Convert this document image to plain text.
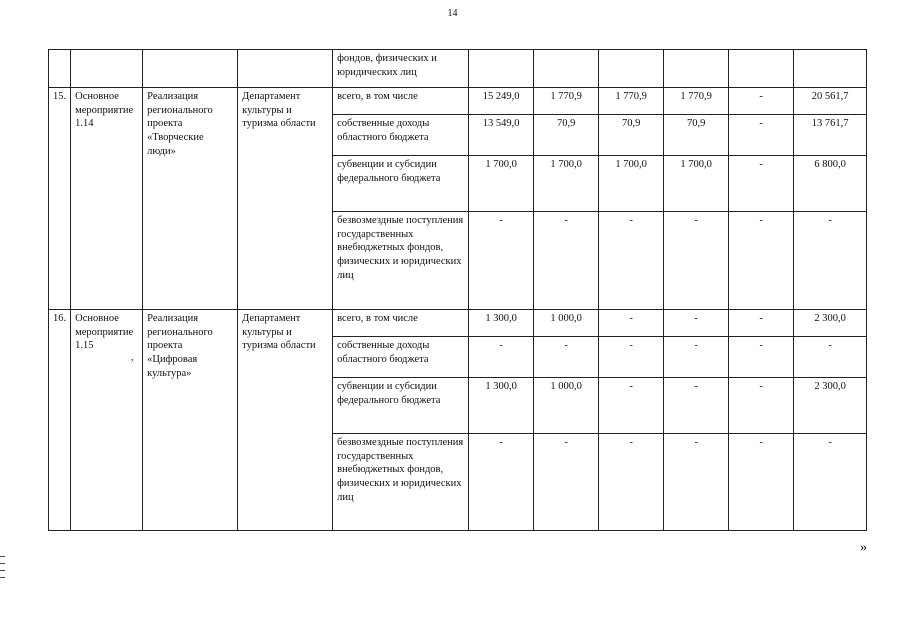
14
				фондов, физических и юридических лиц						
15.	Основное мероприятие 1.14	Реализация регионального проекта «Творческие люди»	Департамент культуры и туризма области	всего, в том числе	15 249,0	1 770,9	1 770,9	1 770,9	-	20 561,7
				собственные доходы областного бюджета	13 549,0	70,9	70,9	70,9	-	13 761,7
				субвенции и субсидии федерального бюджета	1 700,0	1 700,0	1 700,0	1 700,0	-	6 800,0
				безвозмездные поступления государственных внебюджетных фондов, физических и юридических лиц	-	-	-	-	-	-
16.	Основное мероприятие 1.15	Реализация регионального проекта «Цифровая культура»	Департамент культуры и туризма области	всего, в том числе	1 300,0	1 000,0	-	-	-	2 300,0
				собственные доходы областного бюджета	-	-	-	-	-	-
				субвенции и субсидии федерального бюджета	1 300,0	1 000,0	-	-	-	2 300,0
				безвозмездные поступления государственных внебюджетных фондов, физических и юридических лиц	-	-	-	-	-	-
,
»
